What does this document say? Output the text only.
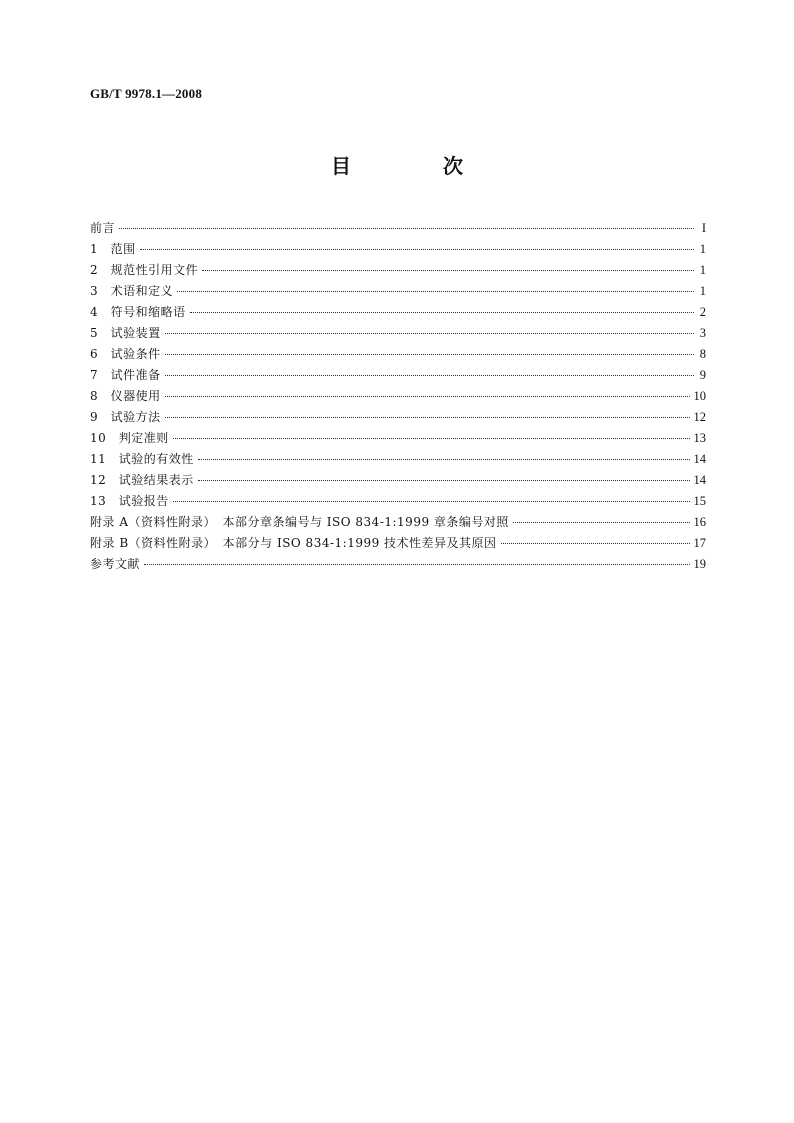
GB/T 9978.1—2008
目　次
前言	I
1　范围	1
2　规范性引用文件	1
3　术语和定义	1
4　符号和缩略语	2
5　试验装置	3
6　试验条件	8
7　试件准备	9
8　仪器使用	10
9　试验方法	12
10　判定准则	13
11　试验的有效性	14
12　试验结果表示	14
13　试验报告	15
附录 A（资料性附录）　本部分章条编号与 ISO 834-1:1999 章条编号对照	16
附录 B（资料性附录）　本部分与 ISO 834-1:1999 技术性差异及其原因	17
参考文献	19
